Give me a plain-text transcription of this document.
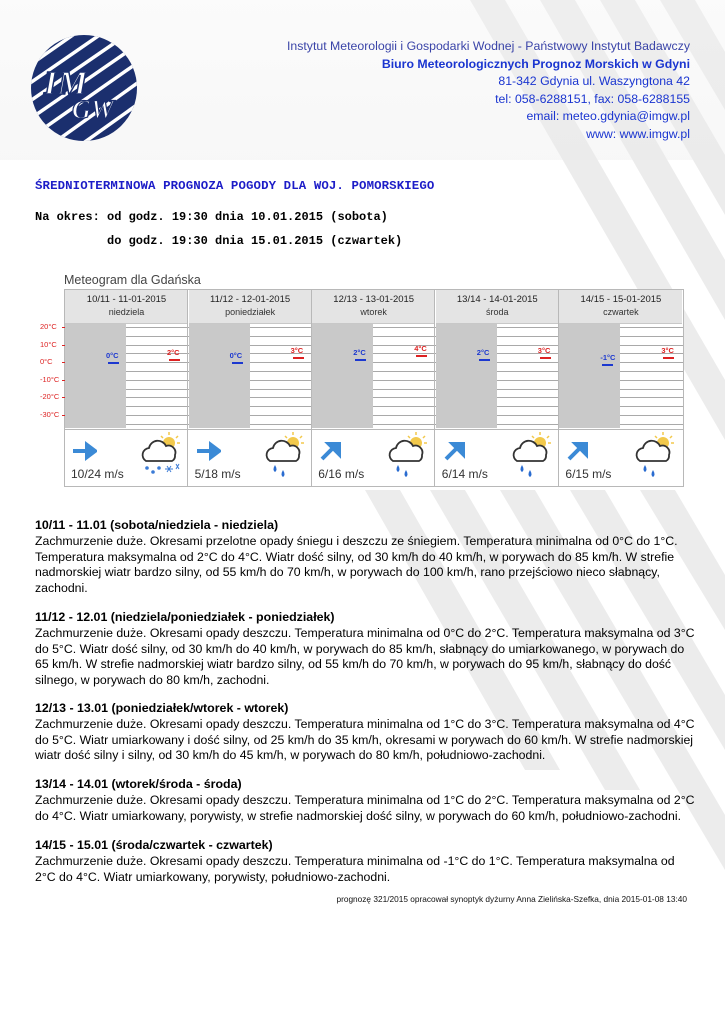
IM
GW
Instytut Meteorologii i Gospodarki Wodnej - Państwowy Instytut Badawczy
Biuro Meteorologicznych Prognoz Morskich w Gdyni
81-342 Gdynia ul. Waszyngtona 42
tel: 058-6288151, fax: 058-6288155
email: meteo.gdynia@imgw.pl
www: www.imgw.pl
ŚREDNIOTERMINOWA PROGNOZA POGODY DLA WOJ. POMORSKIEGO
Na okres: od godz. 19:30 dnia 10.01.2015 (sobota)
do godz. 19:30 dnia 15.01.2015 (czwartek)
Meteogram dla Gdańska
20°C
10°C
0°C
-10°C
-20°C
-30°C
10/11 - 11-01-2015
niedziela
0°C	2°C
10/24 m/s
11/12 - 12-01-2015
poniedziałek
0°C
3°C
5/18 m/s
12/13 - 13-01-2015
wtorek
2°C	4°C
6/16 m/s
13/14 - 14-01-2015
środa
2°C	3°C
6/14 m/s
14/15 - 15-01-2015
czwartek
-1°C
3°C
6/15 m/s
10/11 - 11.01 (sobota/niedziela - niedziela)

Zachmurzenie duże. Okresami przelotne opady śniegu i deszczu ze śniegiem. Temperatura minimalna od 0°C do 1°C. Temperatura maksymalna od 2°C do 4°C. Wiatr dość silny, od 30 km/h do 40 km/h, w porywach do 85 km/h. W strefie nadmorskiej wiatr bardzo silny, od 55 km/h do 70 km/h, w porywach do 100 km/h, rano przejściowo nieco słabnący, zachodni.

11/12 - 12.01 (niedziela/poniedziałek - poniedziałek)

Zachmurzenie duże. Okresami opady deszczu. Temperatura minimalna od 0°C do 2°C. Temperatura maksymalna od 3°C do 5°C. Wiatr dość silny, od 30 km/h do 40 km/h, w porywach do 85 km/h, słabnący do umiarkowanego, w porywach do 65 km/h. W strefie nadmorskiej wiatr bardzo silny, od 55 km/h do 70 km/h, w porywach do 95 km/h, słabnący do dość silnego, w porywach do 80 km/h, zachodni.

12/13 - 13.01 (poniedziałek/wtorek - wtorek)

Zachmurzenie duże. Okresami opady deszczu. Temperatura minimalna od 1°C do 3°C. Temperatura maksymalna od 4°C do 5°C. Wiatr umiarkowany i dość silny, od 25 km/h do 35 km/h, okresami w porywach do 60 km/h. W strefie nadmorskiej wiatr dość silny i silny, od 30 km/h do 45 km/h, w porywach do 80 km/h, południowo-zachodni.

13/14 - 14.01 (wtorek/środa - środa)

Zachmurzenie duże. Okresami opady deszczu. Temperatura minimalna od 1°C do 2°C. Temperatura maksymalna od 2°C do 4°C. Wiatr umiarkowany, porywisty, w strefie nadmorskiej dość silny, w porywach do 60 km/h, południowo-zachodni.

14/15 - 15.01 (środa/czwartek - czwartek)

Zachmurzenie duże. Okresami opady deszczu. Temperatura minimalna od -1°C do 1°C. Temperatura maksymalna od 2°C do 4°C. Wiatr umiarkowany, porywisty, południowo-zachodni.

prognozę 321/2015 opracował synoptyk dyżurny Anna Zielińska-Szefka, dnia 2015-01-08 13:40
